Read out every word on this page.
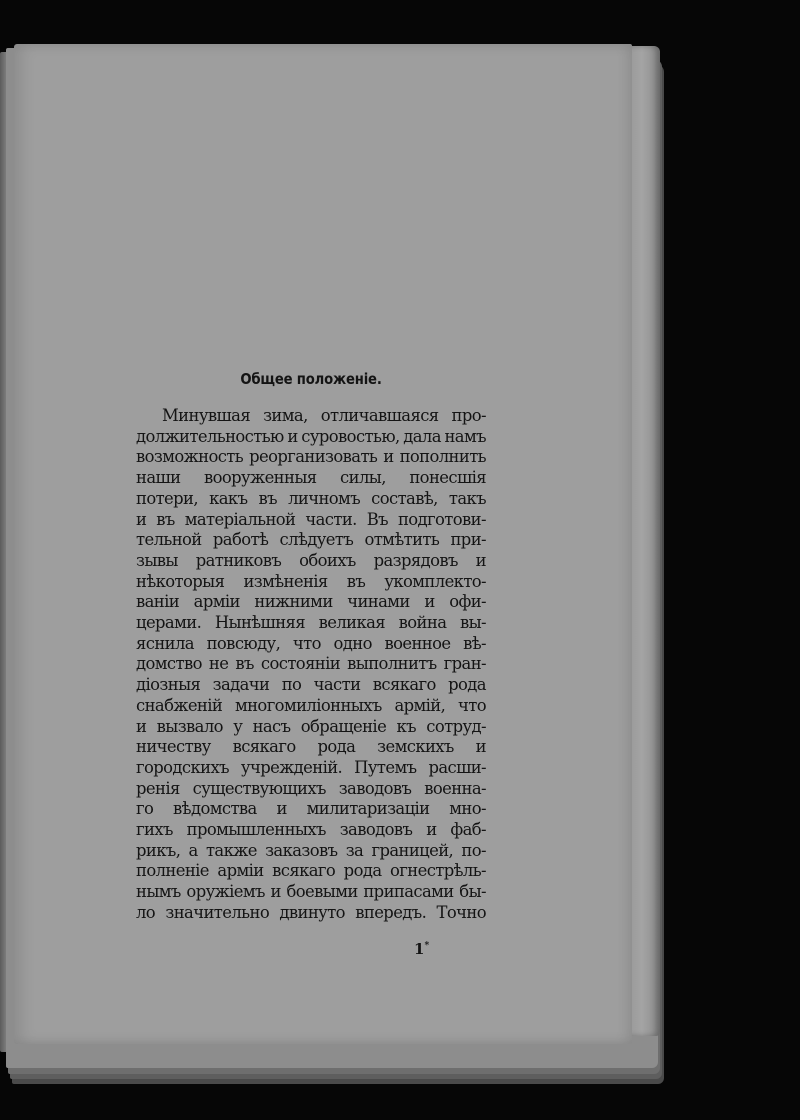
Общее положеніе.
Минувшая зима, отличавшаяся про-
должительностью и суровостью, дала намъ
возможность реорганизовать и пополнить
наши вооруженныя силы, понесшія
потери, какъ въ личномъ составѣ, такъ
и въ матеріальной части. Въ подготови-
тельной работѣ слѣдуетъ отмѣтить при-
зывы ратниковъ обоихъ разрядовъ и
нѣкоторыя измѣненія въ укомплекто-
ваніи арміи нижними чинами и офи-
церами. Нынѣшняя великая война вы-
яснила повсюду, что одно военное вѣ-
домство не въ состояніи выполнитъ гран-
діозныя задачи по части всякаго рода
снабженій многомиліонныхъ армій, что
и вызвало у насъ обращеніе къ сотруд-
ничеству всякаго рода земскихъ и
городскихъ учрежденій. Путемъ расши-
ренія существующихъ заводовъ военна-
го вѣдомства и милитаризаціи мно-
гихъ промышленныхъ заводовъ и фаб-
рикъ, а также заказовъ за границей, по-
полненіе арміи всякаго рода огнестрѣль-
нымъ оружіемъ и боевыми припасами бы-
ло значительно двинуто впередъ. Точно
1*
